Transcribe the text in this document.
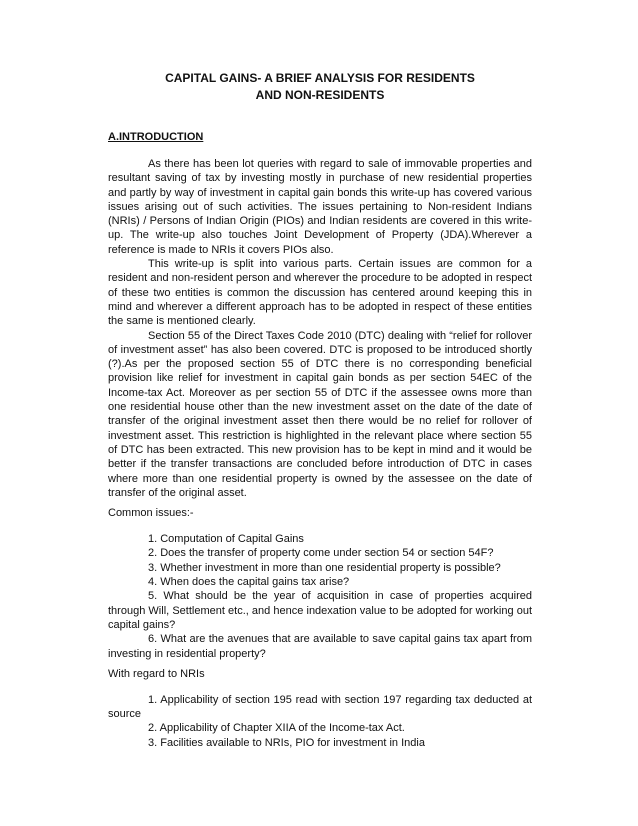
CAPITAL GAINS- A BRIEF ANALYSIS FOR RESIDENTS

AND NON-RESIDENTS

A.INTRODUCTION

As there has been lot queries with regard to sale of immovable properties and resultant saving of tax by investing mostly in purchase of new residential properties and partly by way of investment in capital gain bonds this write-up has covered various issues arising out of such activities. The issues pertaining to Non-resident Indians (NRIs) / Persons of Indian Origin (PIOs) and Indian residents are covered in this write-up. The write-up also touches Joint Development of Property (JDA).Wherever a reference is made to NRIs it covers PIOs also.

This write-up is split into various parts. Certain issues are common for a resident and non-resident person and wherever the procedure to be adopted in respect of these two entities is common the discussion has centered around keeping this in mind and wherever a different approach has to be adopted in respect of these entities the same is mentioned clearly.

Section 55 of the Direct Taxes Code 2010 (DTC) dealing with “relief for rollover of investment asset” has also been covered. DTC is proposed to be introduced shortly (?).As per the proposed section 55 of DTC there is no corresponding beneficial provision like relief for investment in capital gain bonds as per section 54EC of the Income-tax Act. Moreover as per section 55 of DTC if the assessee owns more than one residential house other than the new investment asset on the date of the date of transfer of the original investment asset then there would be no relief for rollover of investment asset. This restriction is highlighted in the relevant place where section 55 of DTC has been extracted. This new provision has to be kept in mind and it would be better if the transfer transactions are concluded before introduction of DTC in cases where more than one residential property is owned by the assessee on the date of transfer of the original asset.

Common issues:-

1. Computation of Capital Gains

2. Does the transfer of property come under section 54 or section 54F?

3. Whether investment in more than one residential property is possible?

4. When does the capital gains tax arise?

5. What should be the year of acquisition in case of properties acquired through Will, Settlement etc., and hence indexation value to be adopted for working out capital gains?

6. What are the avenues that are available to save capital gains tax apart from investing in residential property?

With regard to NRIs

1. Applicability of section 195 read with section 197 regarding tax deducted at source

2. Applicability of Chapter XIIA of the Income-tax Act.

3. Facilities available to NRIs, PIO for investment in India
